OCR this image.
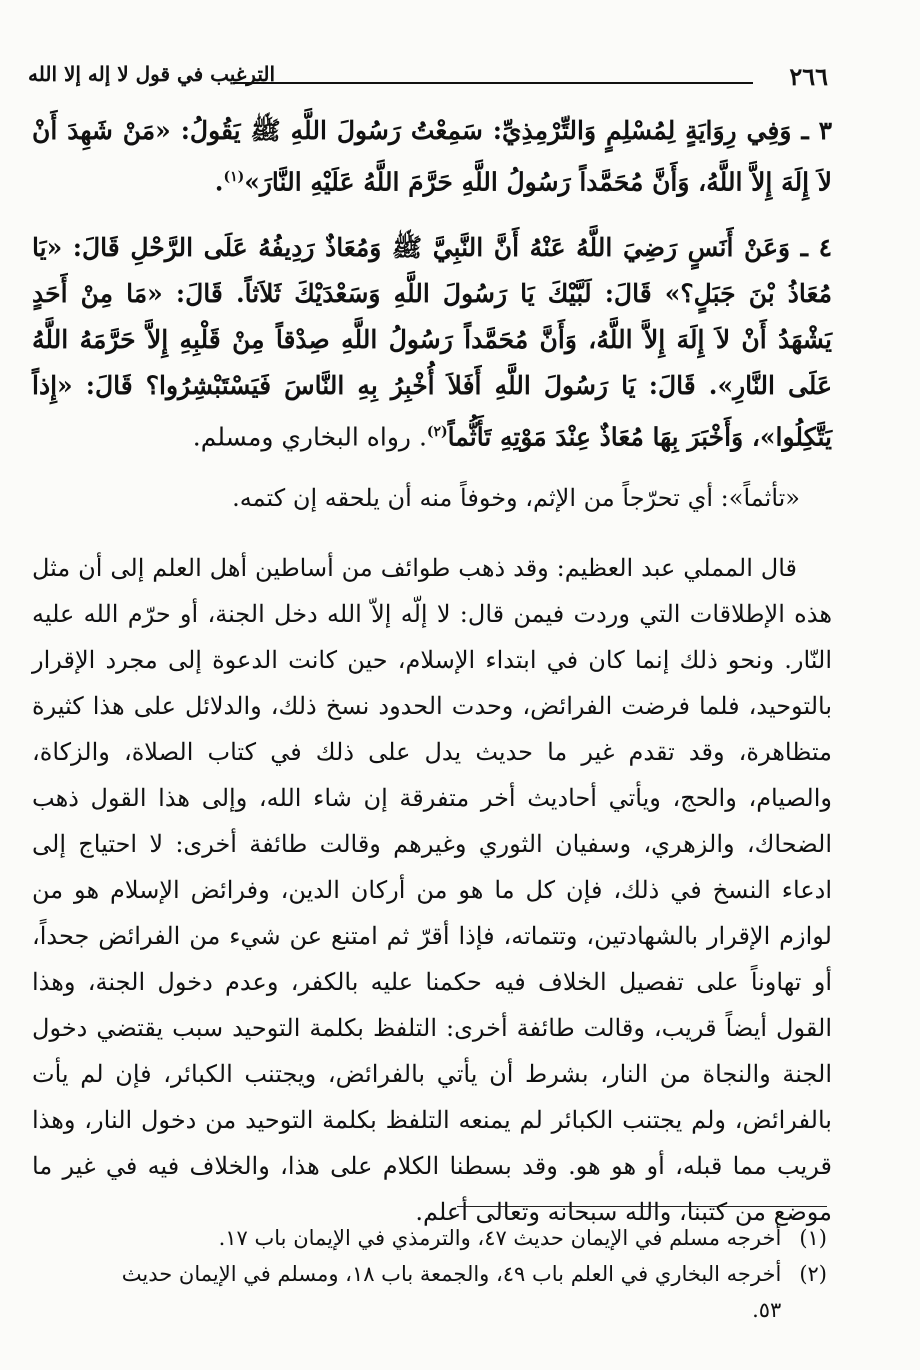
٢٦٦
الترغيب في قول لا إله إلا الله
٣ ـ وَفِي رِوَايَةٍ لِمُسْلِمٍ وَالتِّرْمِذِيِّ: سَمِعْتُ رَسُولَ اللَّهِ ﷺ يَقُولُ: «مَنْ شَهِدَ أَنْ لاَ إِلَهَ إِلاَّ اللَّهُ، وَأَنَّ مُحَمَّداً رَسُولُ اللَّهِ حَرَّمَ اللَّهُ عَلَيْهِ النَّارَ»$^{(١)}$.
٤ ـ وَعَنْ أَنَسٍ رَضِيَ اللَّهُ عَنْهُ أَنَّ النَّبِيَّ ﷺ وَمُعَاذٌ رَدِيفُهُ عَلَى الرَّحْلِ قَالَ: «يَا مُعَاذُ بْنَ جَبَلٍ؟» قَالَ: لَبَّيْكَ يَا رَسُولَ اللَّهِ وَسَعْدَيْكَ ثَلاَثاً. قَالَ: «مَا مِنْ أَحَدٍ يَشْهَدُ أَنْ لاَ إِلَهَ إِلاَّ اللَّهُ، وَأَنَّ مُحَمَّداً رَسُولُ اللَّهِ صِدْقاً مِنْ قَلْبِهِ إِلاَّ حَرَّمَهُ اللَّهُ عَلَى النَّارِ». قَالَ: يَا رَسُولَ اللَّهِ أَفَلاَ أُخْبِرُ بِهِ النَّاسَ فَيَسْتَبْشِرُوا؟ قَالَ: «إِذاً يَتَّكِلُوا»، وَأَخْبَرَ بِهَا مُعَاذٌ عِنْدَ مَوْتِهِ تَأَثُّماً$^{(٢)}$. رواه البخاري ومسلم.
«تأثماً»: أي تحرّجاً من الإثم، وخوفاً منه أن يلحقه إن كتمه.
قال المملي عبد العظيم: وقد ذهب طوائف من أساطين أهل العلم إلى أن مثل هذه الإطلاقات التي وردت فيمن قال: لا إلّه إلاّ الله دخل الجنة، أو حرّم الله عليه النّار. ونحو ذلك إنما كان في ابتداء الإسلام، حين كانت الدعوة إلى مجرد الإقرار بالتوحيد، فلما فرضت الفرائض، وحدت الحدود نسخ ذلك، والدلائل على هذا كثيرة متظاهرة، وقد تقدم غير ما حديث يدل على ذلك في كتاب الصلاة، والزكاة، والصيام، والحج، ويأتي أحاديث أخر متفرقة إن شاء الله، وإلى هذا القول ذهب الضحاك، والزهري، وسفيان الثوري وغيرهم وقالت طائفة أخرى: لا احتياج إلى ادعاء النسخ في ذلك، فإن كل ما هو من أركان الدين، وفرائض الإسلام هو من لوازم الإقرار بالشهادتين، وتتماته، فإذا أقرّ ثم امتنع عن شيء من الفرائض جحداً، أو تهاوناً على تفصيل الخلاف فيه حكمنا عليه بالكفر، وعدم دخول الجنة، وهذا القول أيضاً قريب، وقالت طائفة أخرى: التلفظ بكلمة التوحيد سبب يقتضي دخول الجنة والنجاة من النار، بشرط أن يأتي بالفرائض، ويجتنب الكبائر، فإن لم يأت بالفرائض، ولم يجتنب الكبائر لم يمنعه التلفظ بكلمة التوحيد من دخول النار، وهذا قريب مما قبله، أو هو هو. وقد بسطنا الكلام على هذا، والخلاف فيه في غير ما موضع من كتبنا، والله سبحانه وتعالى أعلم.
(١)
أخرجه مسلم في الإيمان حديث ٤٧، والترمذي في الإيمان باب ١٧.
(٢)
أخرجه البخاري في العلم باب ٤٩، والجمعة باب ١٨، ومسلم في الإيمان حديث ٥٣.
